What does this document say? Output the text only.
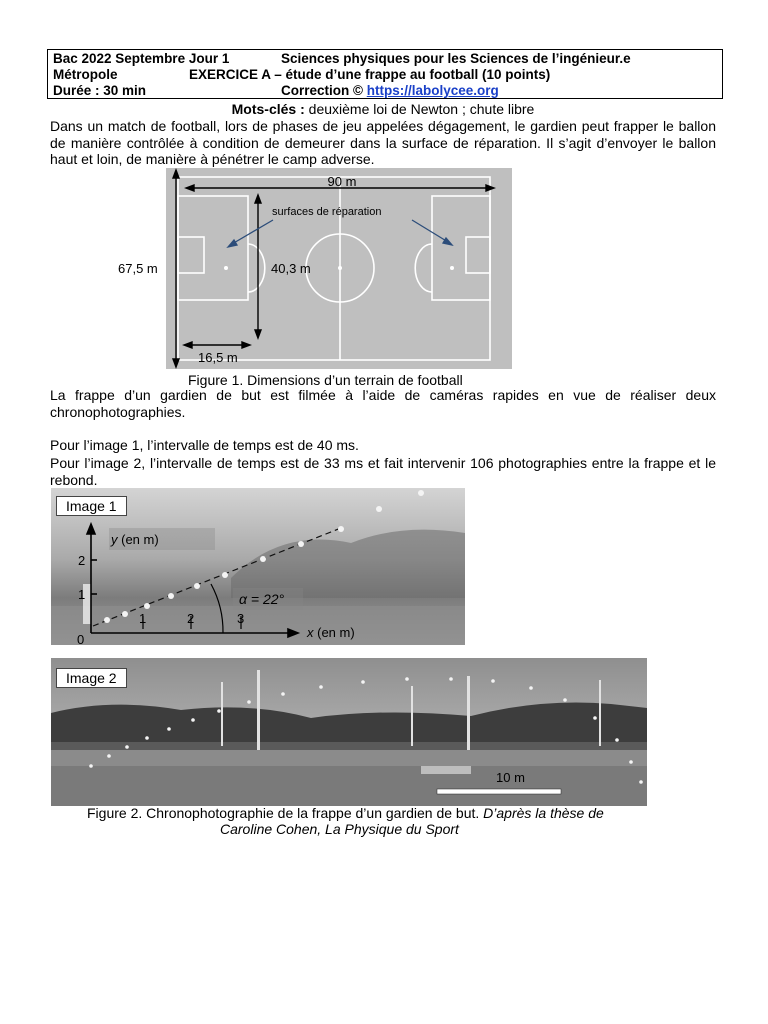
Bac 2022 Septembre Jour 1	Sciences physiques pour les Sciences de l’ingénieur.e
Métropole	EXERCICE A – étude d’une frappe au football (10 points)
Durée : 30 min	Correction © https://labolycee.org
Mots-clés : deuxième loi de Newton ; chute libre
Dans un match de football, lors de phases de jeu appelées dégagement, le gardien peut frapper le ballon de manière contrôlée à condition de demeurer dans la surface de réparation. Il s’agit d’envoyer le ballon haut et loin, de manière à pénétrer le camp adverse.
90 m
67,5 m	40,3 m
16,5 m
surfaces de réparation
Figure 1. Dimensions d’un terrain de football
La frappe d’un gardien de but est filmée à l’aide de caméras rapides en vue de réaliser deux chronophotographies.
Pour l’image 1, l’intervalle de temps est de 40 ms.
Pour l’image 2, l’intervalle de temps est de 33 ms et fait intervenir 106 photographies entre la frappe et le rebond.
y (en m)
x (en m)
0
2
1
1	2	3
α = 22°
Image 1
10 m
Image 2
Figure 2. Chronophotographie de la frappe d’un gardien de but. D’après la thèse de
Caroline Cohen, La Physique du Sport
